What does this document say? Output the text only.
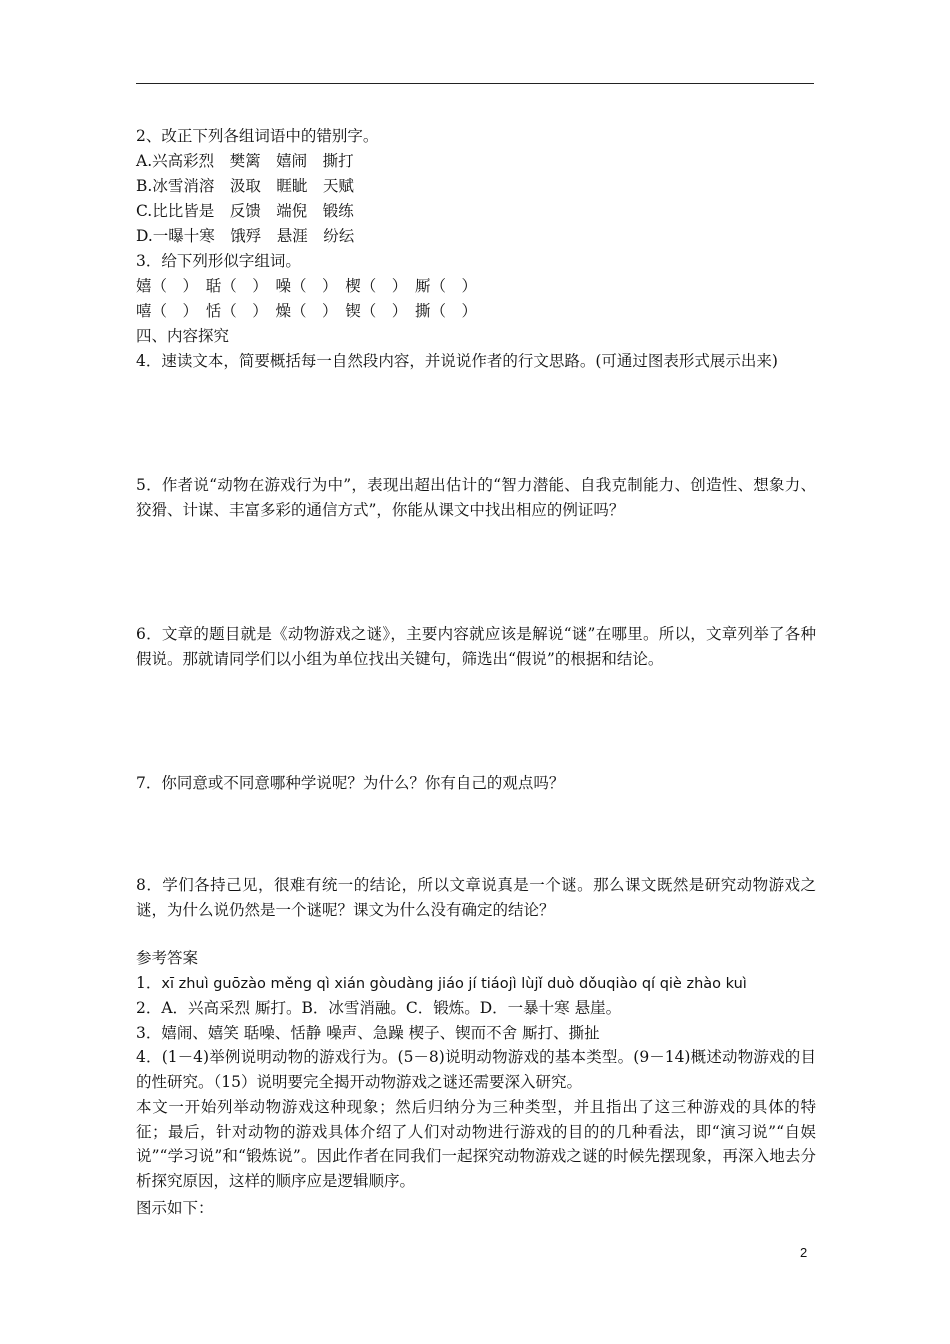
2、改正下列各组词语中的错别字。
A.兴高彩烈　樊篱　嬉闹　撕打
B.冰雪消溶　汲取　睚眦　天赋
C.比比皆是　反馈　端倪　锻练
D.一曝十寒　饿殍　悬涯　纷纭
3．给下列形似字组词。
嬉（　）　聒（　）　噪（　）　楔（　）　厮（　）
嘻（　）　恬（　）　燥（　）　锲（　）　撕（　）
四、内容探究
4．速读文本，简要概括每一自然段内容，并说说作者的行文思路。(可通过图表形式展示出来)
5．作者说“动物在游戏行为中”，表现出超出估计的“智力潜能、自我克制能力、创造性、想象力、狡猾、计谋、丰富多彩的通信方式”，你能从课文中找出相应的例证吗？
6．文章的题目就是《动物游戏之谜》，主要内容就应该是解说“谜”在哪里。所以，文章列举了各种假说。那就请同学们以小组为单位找出关键句，筛选出“假说”的根据和结论。
7．你同意或不同意哪种学说呢？为什么？你有自己的观点吗？
8．学们各持己见，很难有统一的结论，所以文章说真是一个谜。那么课文既然是研究动物游戏之谜，为什么说仍然是一个谜呢？课文为什么没有确定的结论？
参考答案
1．xī zhuì guōzào měng qì xián gòudàng jiáo jí tiáojì lùjǐ duò dǒuqiào qí qiè zhào kuì
2．A．兴高采烈 厮打。B．冰雪消融。C．锻炼。D．一暴十寒 悬崖。
3．嬉闹、嬉笑 聒噪、恬静 噪声、急躁 楔子、锲而不舍 厮打、撕扯
4．(1－4)举例说明动物的游戏行为。(5－8)说明动物游戏的基本类型。(9－14)概述动物游戏的目的性研究。（15）说明要完全揭开动物游戏之谜还需要深入研究。
本文一开始列举动物游戏这种现象；然后归纳分为三种类型，并且指出了这三种游戏的具体的特征；最后，针对动物的游戏具体介绍了人们对动物进行游戏的目的的几种看法，即“演习说”“自娱说”“学习说”和“锻炼说”。因此作者在同我们一起探究动物游戏之谜的时候先摆现象，再深入地去分析探究原因，这样的顺序应是逻辑顺序。
图示如下：
2
